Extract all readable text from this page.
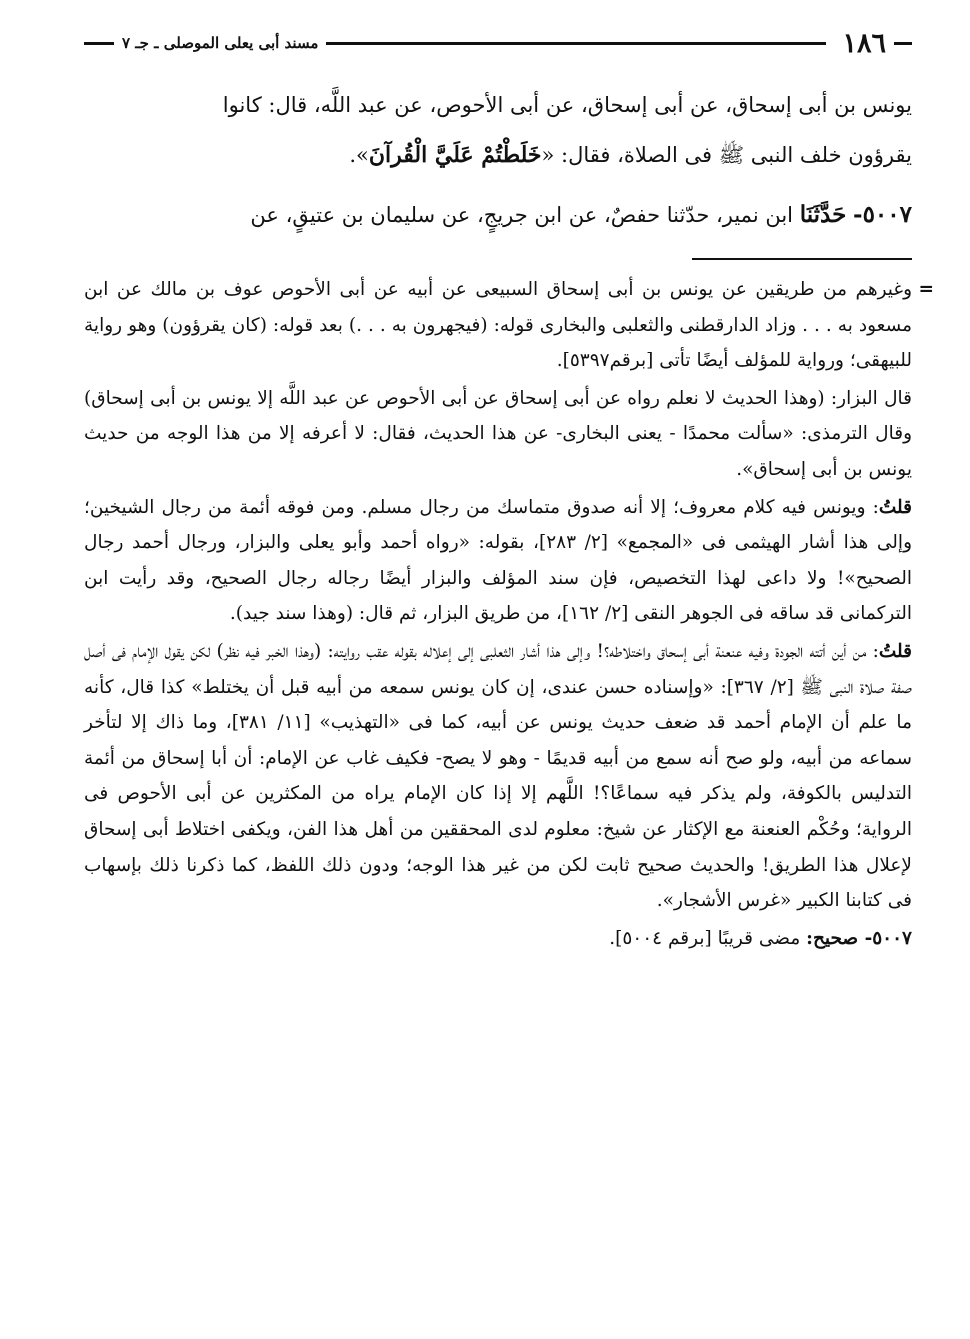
١٨٦
مسند أبى يعلى الموصلى ـ جـ ٧

يونس بن أبى إسحاق، عن أبى إسحاق، عن أبى الأحوص، عن عبد اللَّه، قال: كانوا

يقرؤون خلف النبى ﷺ فى الصلاة، فقال: «خَلَطْتُمْ عَلَيَّ الْقُرآنَ».

٥٠٠٧- حَدَّثَنَا ابن نمير، حدّثنا حفصٌ، عن ابن جريجٍ، عن سليمان بن عتيقٍ، عن

=
وغيرهم من طريقين عن يونس بن أبى إسحاق السبيعى عن أبيه عن أبى الأحوص عوف بن مالك عن ابن مسعود به . . . وزاد الدارقطنى والثعلبى والبخارى قوله: (فيجهرون به . . .) بعد قوله: (كان يقرؤون) وهو رواية للبيهقى؛ ورواية للمؤلف أيضًا تأتى [برقم٥٣٩٧].

قال البزار: (وهذا الحديث لا نعلم رواه عن أبى إسحاق عن أبى الأحوص عن عبد اللَّه إلا يونس بن أبى إسحاق) وقال الترمذى: «سألت محمدًا - يعنى البخارى- عن هذا الحديث، فقال: لا أعرفه إلا من هذا الوجه من حديث يونس بن أبى إسحاق».

قلتُ: ويونس فيه كلام معروف؛ إلا أنه صدوق متماسك من رجال مسلم. ومن فوقه أئمة من رجال الشيخين؛ وإلى هذا أشار الهيثمى فى «المجمع» [٢/ ٢٨٣]، بقوله: «رواه أحمد وأبو يعلى والبزار، ورجال أحمد رجال الصحيح»! ولا داعى لهذا التخصيص، فإن سند المؤلف والبزار أيضًا رجاله رجال الصحيح، وقد رأيت ابن التركمانى قد ساقه فى الجوهر النقى [٢/ ١٦٢]، من طريق البزار، ثم قال: (وهذا سند جيد).

قلتُ: من أين أتته الجودة وفيه عنعنة أبى إسحاق واختلاطه؟! وإلى هذا أشار الثعلبى إلى إعلاله بقوله عقب روايته: (وهذا الخبر فيه نظر) لكن يقول الإمام فى أصل صفة صلاة النبى ﷺ [٢/ ٣٦٧]: «وإسناده حسن عندى، إن كان يونس سمعه من أبيه قبل أن يختلط» كذا قال، كأنه ما علم أن الإمام أحمد قد ضعف حديث يونس عن أبيه، كما فى «التهذيب» [١١/ ٣٨١]، وما ذاك إلا لتأخر سماعه من أبيه، ولو صح أنه سمع من أبيه قديمًا - وهو لا يصح- فكيف غاب عن الإمام: أن أبا إسحاق من أئمة التدليس بالكوفة، ولم يذكر فيه سماعًا؟! اللَّهم إلا إذا كان الإمام يراه من المكثرين عن أبى الأحوص فى الرواية؛ وحُكْم العنعنة مع الإكثار عن شيخ: معلوم لدى المحققين من أهل هذا الفن، ويكفى اختلاط أبى إسحاق لإعلال هذا الطريق! والحديث صحيح ثابت لكن من غير هذا الوجه؛ ودون ذلك اللفظ، كما ذكرنا ذلك بإسهاب فى كتابنا الكبير «غرس الأشجار».

٥٠٠٧- صحيح: مضى قريبًا [برقم ٥٠٠٤].
